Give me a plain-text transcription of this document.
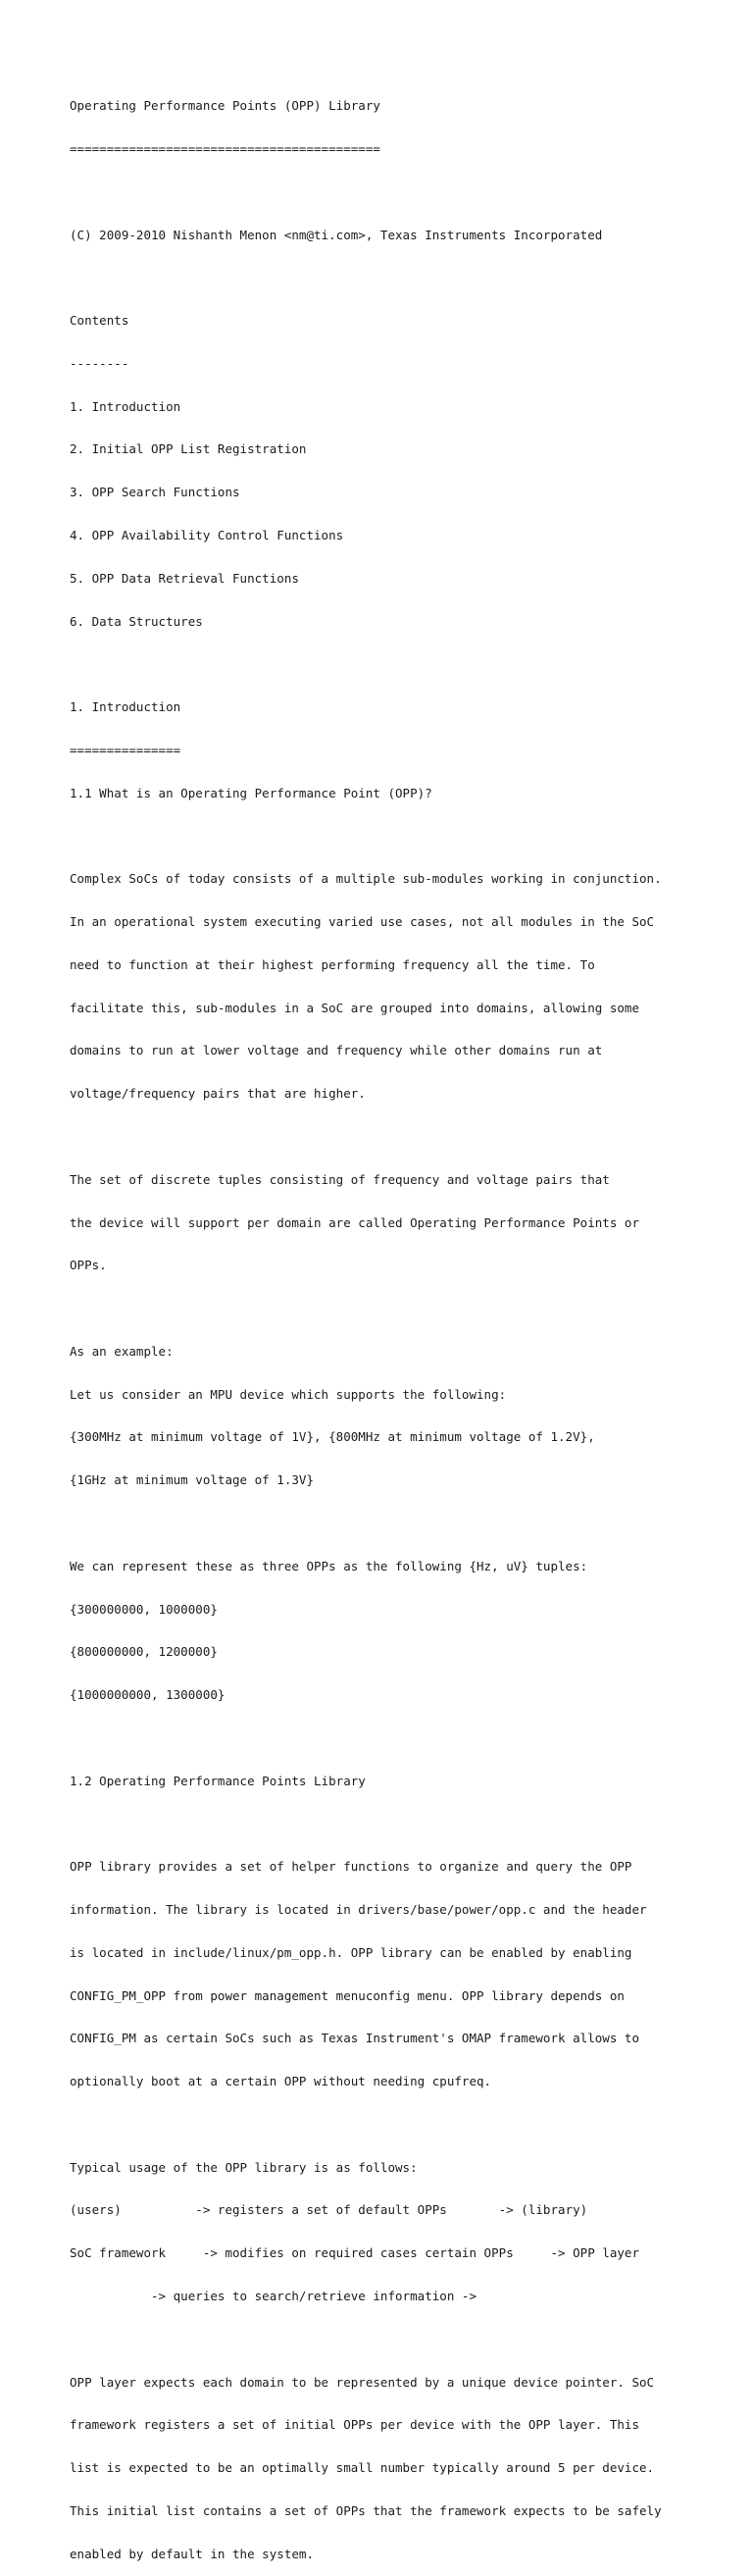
Operating Performance Points (OPP) Library

==========================================

(C) 2009-2010 Nishanth Menon <nm@ti.com>, Texas Instruments Incorporated

Contents

--------

1. Introduction

2. Initial OPP List Registration

3. OPP Search Functions

4. OPP Availability Control Functions

5. OPP Data Retrieval Functions

6. Data Structures

1. Introduction

===============

1.1 What is an Operating Performance Point (OPP)?

Complex SoCs of today consists of a multiple sub-modules working in conjunction.

In an operational system executing varied use cases, not all modules in the SoC

need to function at their highest performing frequency all the time. To

facilitate this, sub-modules in a SoC are grouped into domains, allowing some

domains to run at lower voltage and frequency while other domains run at

voltage/frequency pairs that are higher.

The set of discrete tuples consisting of frequency and voltage pairs that

the device will support per domain are called Operating Performance Points or

OPPs.

As an example:

Let us consider an MPU device which supports the following:

{300MHz at minimum voltage of 1V}, {800MHz at minimum voltage of 1.2V},

{1GHz at minimum voltage of 1.3V}

We can represent these as three OPPs as the following {Hz, uV} tuples:

{300000000, 1000000}

{800000000, 1200000}

{1000000000, 1300000}

1.2 Operating Performance Points Library

OPP library provides a set of helper functions to organize and query the OPP

information. The library is located in drivers/base/power/opp.c and the header

is located in include/linux/pm_opp.h. OPP library can be enabled by enabling

CONFIG_PM_OPP from power management menuconfig menu. OPP library depends on

CONFIG_PM as certain SoCs such as Texas Instrument's OMAP framework allows to

optionally boot at a certain OPP without needing cpufreq.

Typical usage of the OPP library is as follows:

(users)          -> registers a set of default OPPs       -> (library)

SoC framework     -> modifies on required cases certain OPPs     -> OPP layer

-> queries to search/retrieve information ->

OPP layer expects each domain to be represented by a unique device pointer. SoC

framework registers a set of initial OPPs per device with the OPP layer. This

list is expected to be an optimally small number typically around 5 per device.

This initial list contains a set of OPPs that the framework expects to be safely

enabled by default in the system.
